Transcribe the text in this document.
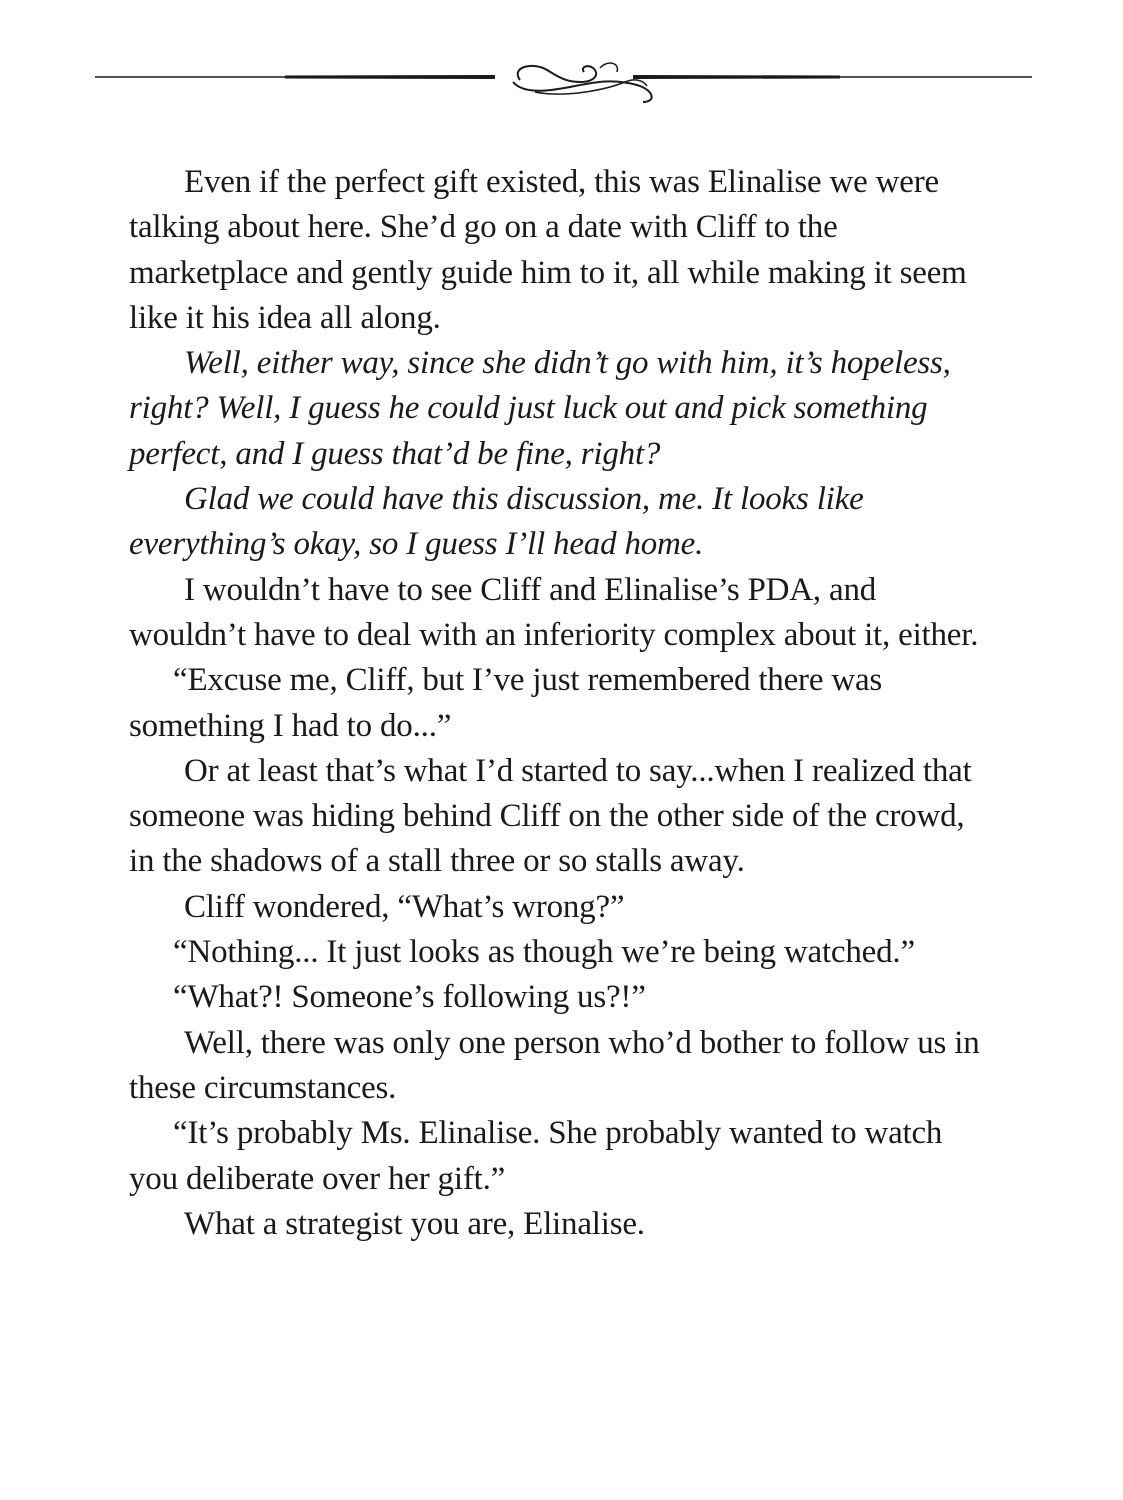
Even if the perfect gift existed, this was Elinalise we were talking about here. She’d go on a date with Cliff to the marketplace and gently guide him to it, all while making it seem like it his idea all along.

Well, either way, since she didn’t go with him, it’s hopeless, right? Well, I guess he could just luck out and pick something perfect, and I guess that’d be fine, right?

Glad we could have this discussion, me. It looks like everything’s okay, so I guess I’ll head home.

I wouldn’t have to see Cliff and Elinalise’s PDA, and wouldn’t have to deal with an inferiority complex about it, either.

“Excuse me, Cliff, but I’ve just remembered there was something I had to do...”

Or at least that’s what I’d started to say...when I realized that someone was hiding behind Cliff on the other side of the crowd, in the shadows of a stall three or so stalls away.

Cliff wondered, “What’s wrong?”

“Nothing... It just looks as though we’re being watched.”

“What?! Someone’s following us?!”

Well, there was only one person who’d bother to follow us in these circumstances.

“It’s probably Ms. Elinalise. She probably wanted to watch you deliberate over her gift.”

What a strategist you are, Elinalise.
